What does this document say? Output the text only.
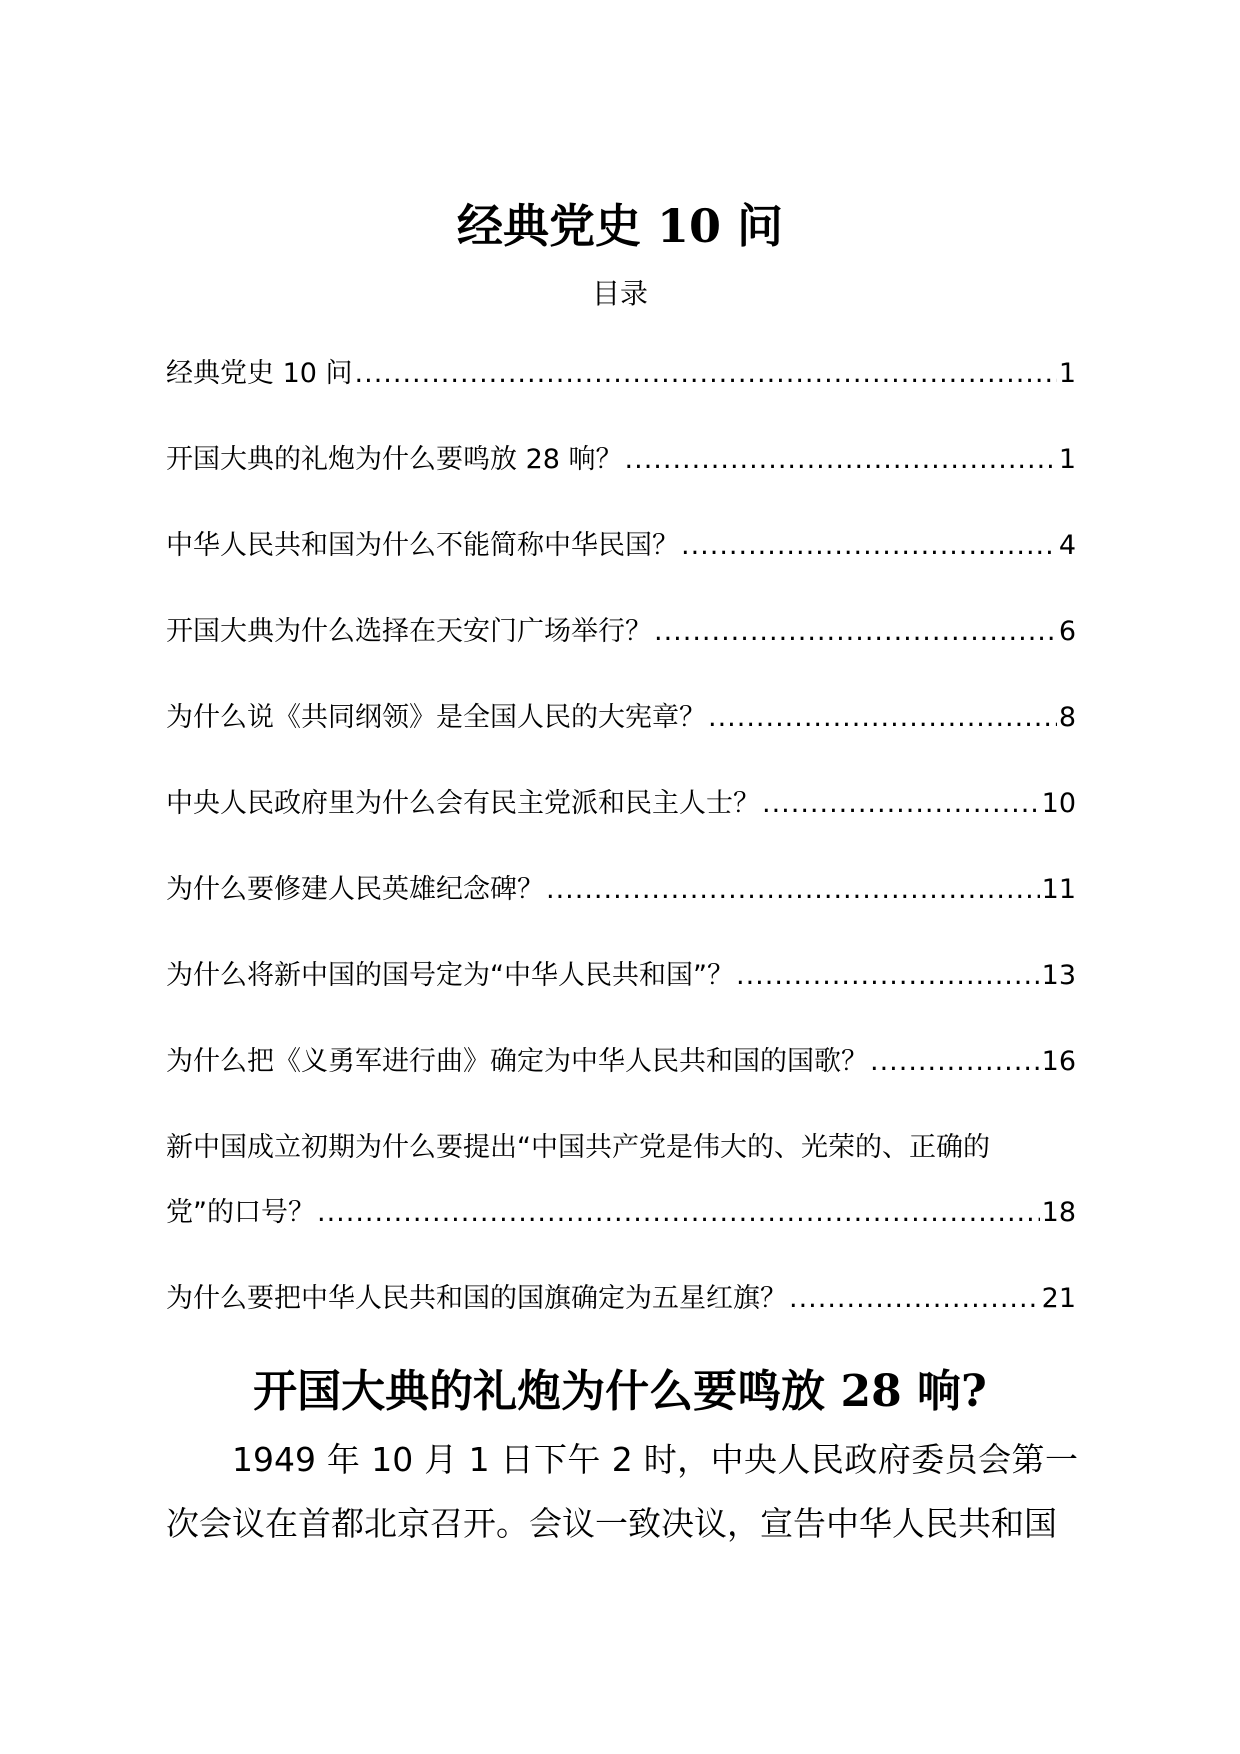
经典党史 10 问
目录
经典党史 10 问 .....	1
开国大典的礼炮为什么要鸣放 28 响？ .....	1
中华人民共和国为什么不能简称中华民国？ .....	4
开国大典为什么选择在天安门广场举行？ .....	6
为什么说《共同纲领》是全国人民的大宪章？ .....	8
中央人民政府里为什么会有民主党派和民主人士？ .....	10
为什么要修建人民英雄纪念碑？ .....	11
为什么将新中国的国号定为“中华人民共和国”？ .....	13
为什么把《义勇军进行曲》确定为中华人民共和国的国歌？ .....	16
新中国成立初期为什么要提出“中国共产党是伟大的、光荣的、正确的
党”的口号？ .....	18
为什么要把中华人民共和国的国旗确定为五星红旗？ .....	21
开国大典的礼炮为什么要鸣放 28 响?
1949 年 10 月 1 日下午 2 时，中央人民政府委员会第一次会议在首都北京召开。会议一致决议，宣告中华人民共和国
